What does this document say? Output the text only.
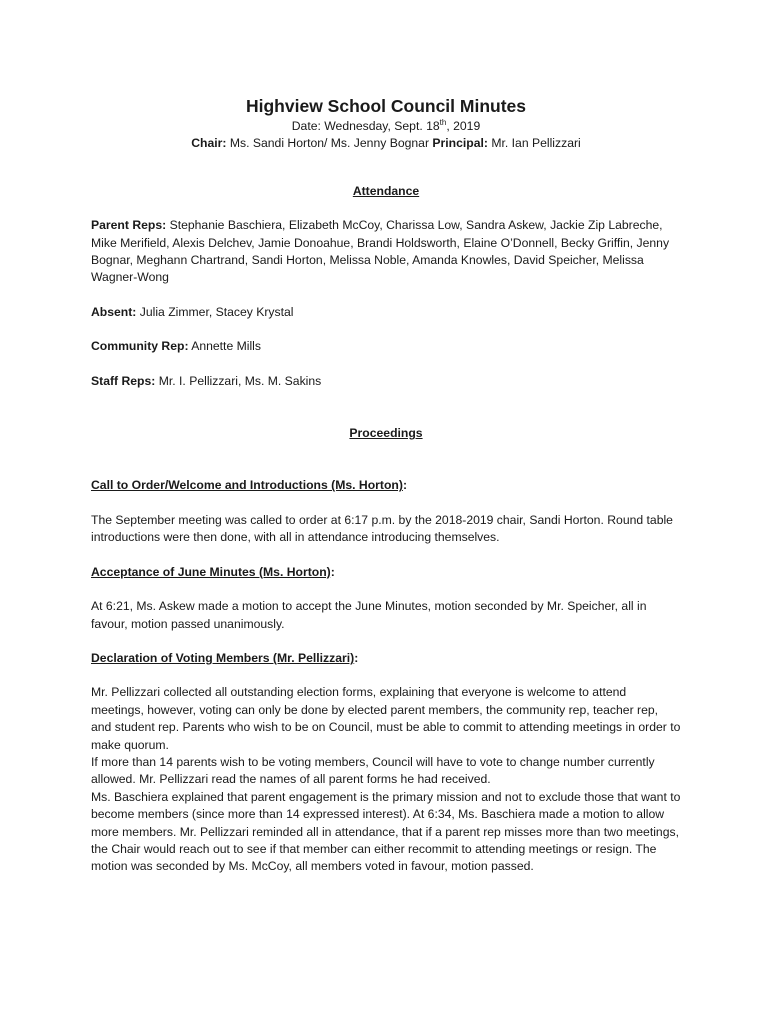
Highview School Council Minutes

Date: Wednesday, Sept. 18th, 2019

Chair: Ms. Sandi Horton/ Ms. Jenny Bognar Principal: Mr. Ian Pellizzari

Attendance

Parent Reps: Stephanie Baschiera, Elizabeth McCoy, Charissa Low, Sandra Askew, Jackie Zip Labreche, Mike Merifield, Alexis Delchev, Jamie Donoahue, Brandi Holdsworth, Elaine O’Donnell, Becky Griffin, Jenny Bognar, Meghann Chartrand, Sandi Horton, Melissa Noble, Amanda Knowles, David Speicher, Melissa Wagner-Wong

Absent: Julia Zimmer, Stacey Krystal

Community Rep: Annette Mills

Staff Reps: Mr. I. Pellizzari, Ms. M. Sakins

Proceedings

Call to Order/Welcome and Introductions (Ms. Horton):

The September meeting was called to order at 6:17 p.m. by the 2018-2019 chair, Sandi Horton. Round table introductions were then done, with all in attendance introducing themselves.

Acceptance of June Minutes (Ms. Horton):

At 6:21, Ms. Askew made a motion to accept the June Minutes, motion seconded by Mr. Speicher, all in favour, motion passed unanimously.

Declaration of Voting Members (Mr. Pellizzari):

Mr. Pellizzari collected all outstanding election forms, explaining that everyone is welcome to attend meetings, however, voting can only be done by elected parent members, the community rep, teacher rep, and student rep. Parents who wish to be on Council, must be able to commit to attending meetings in order to make quorum.

If more than 14 parents wish to be voting members, Council will have to vote to change number currently allowed. Mr. Pellizzari read the names of all parent forms he had received.

Ms. Baschiera explained that parent engagement is the primary mission and not to exclude those that want to become members (since more than 14 expressed interest). At 6:34, Ms. Baschiera made a motion to allow more members. Mr. Pellizzari reminded all in attendance, that if a parent rep misses more than two meetings, the Chair would reach out to see if that member can either recommit to attending meetings or resign. The motion was seconded by Ms. McCoy, all members voted in favour, motion passed.
